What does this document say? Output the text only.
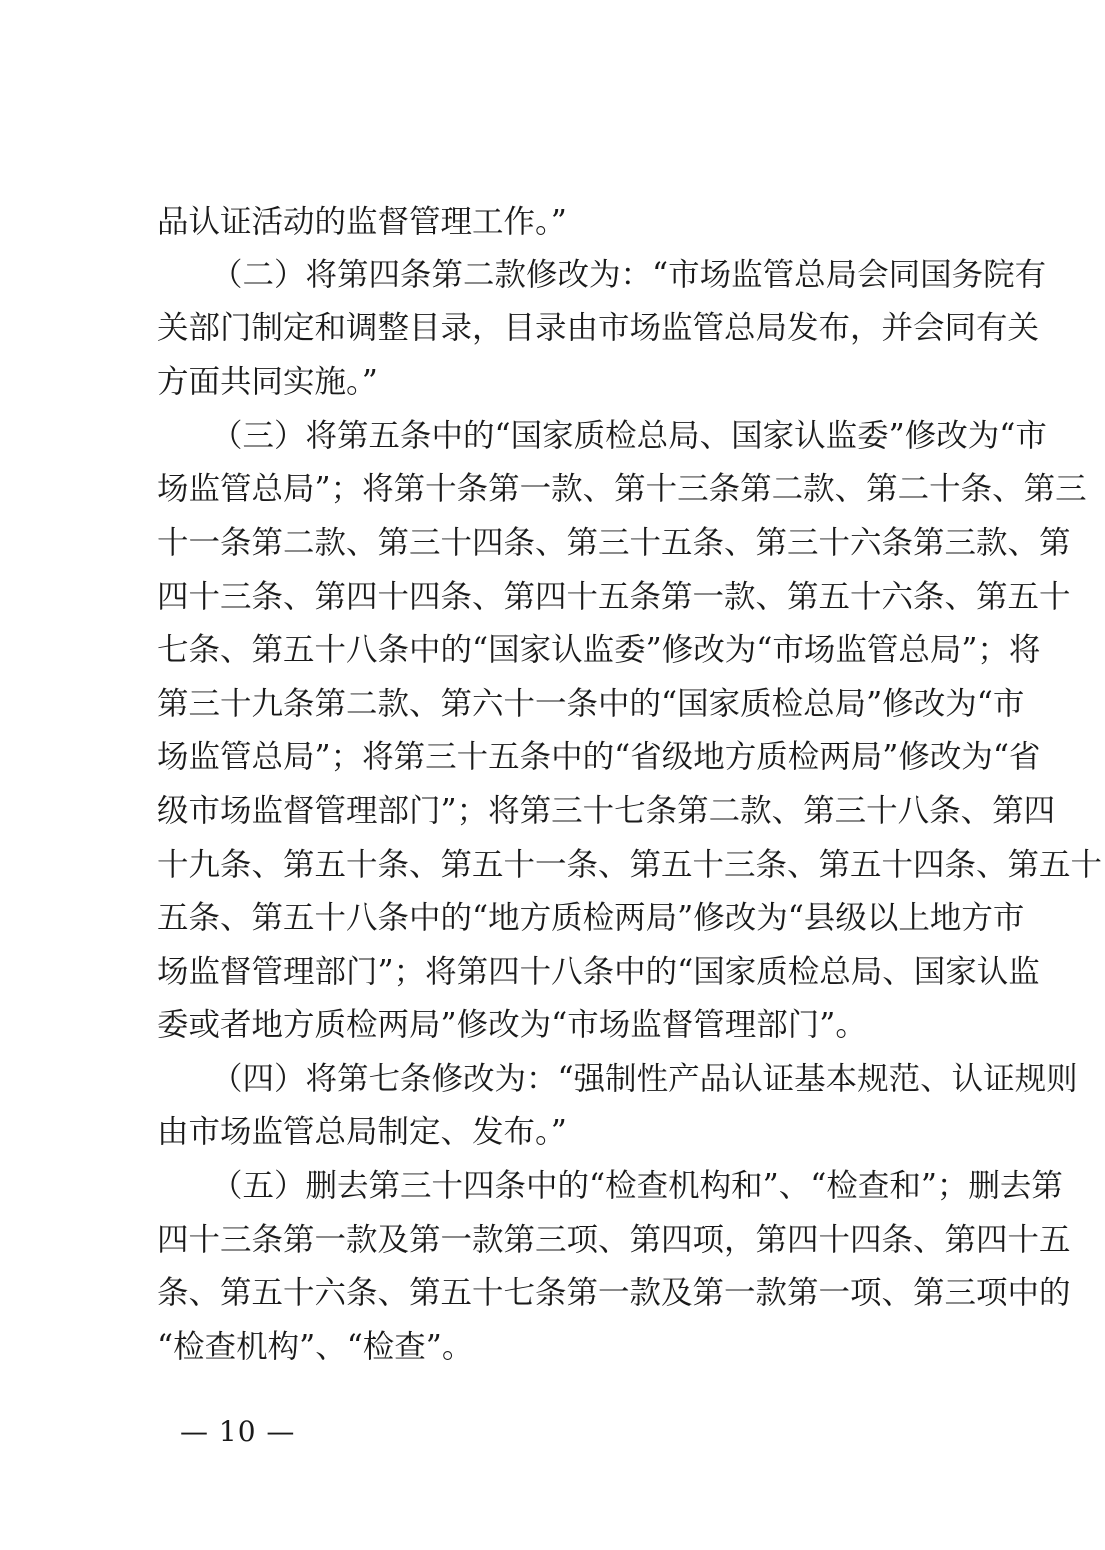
品认证活动的监督管理工作。”
（二）将第四条第二款修改为：“市场监管总局会同国务院有
关部门制定和调整目录，目录由市场监管总局发布，并会同有关
方面共同实施。”
（三）将第五条中的“国家质检总局、国家认监委”修改为“市
场监管总局”；将第十条第一款、第十三条第二款、第二十条、第三
十一条第二款、第三十四条、第三十五条、第三十六条第三款、第
四十三条、第四十四条、第四十五条第一款、第五十六条、第五十
七条、第五十八条中的“国家认监委”修改为“市场监管总局”；将
第三十九条第二款、第六十一条中的“国家质检总局”修改为“市
场监管总局”；将第三十五条中的“省级地方质检两局”修改为“省
级市场监督管理部门”；将第三十七条第二款、第三十八条、第四
十九条、第五十条、第五十一条、第五十三条、第五十四条、第五十
五条、第五十八条中的“地方质检两局”修改为“县级以上地方市
场监督管理部门”；将第四十八条中的“国家质检总局、国家认监
委或者地方质检两局”修改为“市场监督管理部门”。
（四）将第七条修改为：“强制性产品认证基本规范、认证规则
由市场监管总局制定、发布。”
（五）删去第三十四条中的“检查机构和”、“检查和”；删去第
四十三条第一款及第一款第三项、第四项，第四十四条、第四十五
条、第五十六条、第五十七条第一款及第一款第一项、第三项中的
“检查机构”、“检查”。
— 10 —
